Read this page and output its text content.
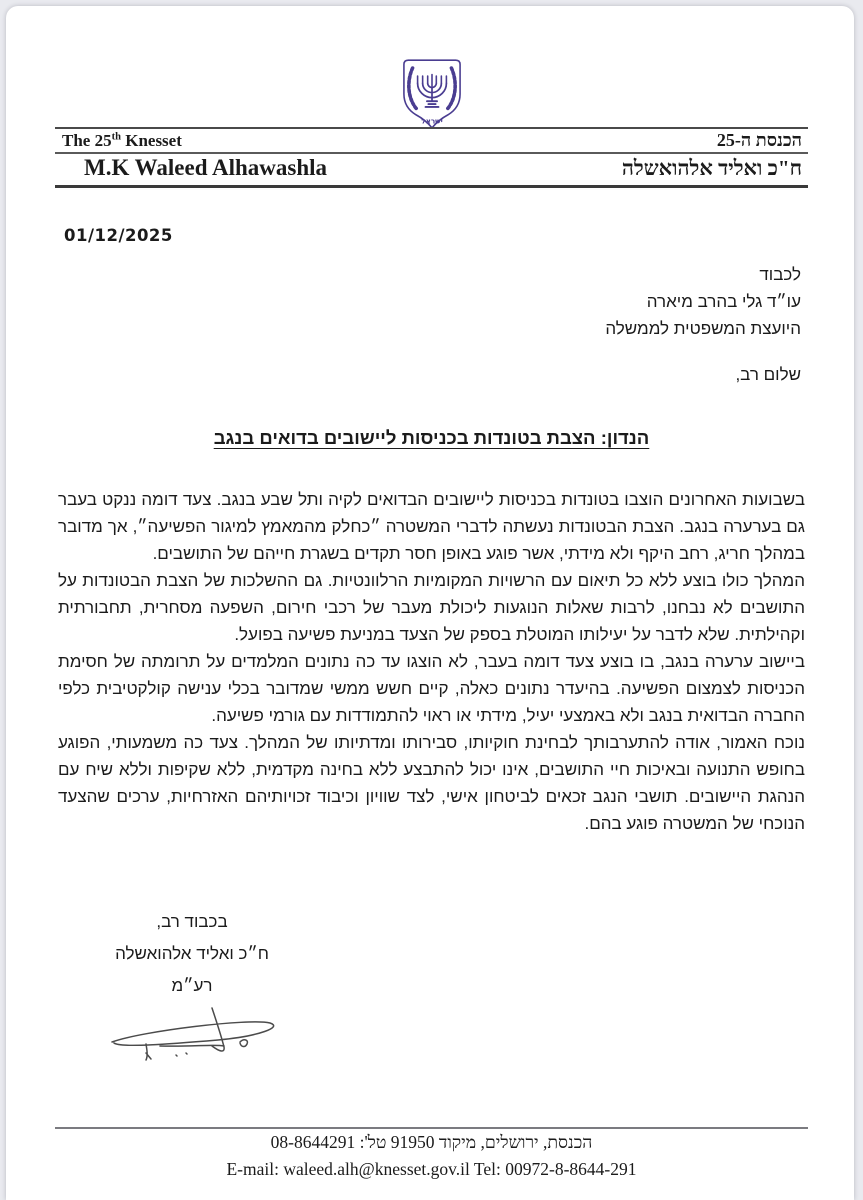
ישראל
The 25th Knesset	הכנסת ה-25
M.K Waleed Alhawashla	ח"כ ואליד אלהואשלה
01/12/2025
לכבוד
עו״ד גלי בהרב מיארה
היועצת המשפטית לממשלה
שלום רב,
הנדון: הצבת בטונדות בכניסות ליישובים בדואים בנגב

בשבועות האחרונים הוצבו בטונדות בכניסות ליישובים הבדואים לקיה ותל שבע בנגב. צעד דומה ננקט בעבר גם בערערה בנגב. הצבת הבטונדות נעשתה לדברי המשטרה ״כחלק מהמאמץ למיגור הפשיעה״, אך מדובר במהלך חריג, רחב היקף ולא מידתי, אשר פוגע באופן חסר תקדים בשגרת חייהם של התושבים.

המהלך כולו בוצע ללא כל תיאום עם הרשויות המקומיות הרלוונטיות. גם ההשלכות של הצבת הבטונדות על התושבים לא נבחנו, לרבות שאלות הנוגעות ליכולת מעבר של רכבי חירום, השפעה מסחרית, תחבורתית וקהילתית. שלא לדבר על יעילותו המוטלת בספק של הצעד במניעת פשיעה בפועל.

ביישוב ערערה בנגב, בו בוצע צעד דומה בעבר, לא הוצגו עד כה נתונים המלמדים על תרומתה של חסימת הכניסות לצמצום הפשיעה. בהיעדר נתונים כאלה, קיים חשש ממשי שמדובר בכלי ענישה קולקטיבית כלפי החברה הבדואית בנגב ולא באמצעי יעיל, מידתי או ראוי להתמודדות עם גורמי פשיעה.

נוכח האמור, אודה להתערבותך לבחינת חוקיותו, סבירותו ומדתיותו של המהלך. צעד כה משמעותי, הפוגע בחופש התנועה ובאיכות חיי התושבים, אינו יכול להתבצע ללא בחינה מקדמית, ללא שקיפות וללא שיח עם הנהגת היישובים. תושבי הנגב זכאים לביטחון אישי, לצד שוויון וכיבוד זכויותיהם האזרחיות, ערכים שהצעד הנוכחי של המשטרה פוגע בהם.

בכבוד רב,
ח״כ ואליד אלהואשלה
רע״מ
הכנסת, ירושלים, מיקוד 91950 טל': 08-8644291
E-mail: waleed.alh@knesset.gov.il Tel: 00972-8-8644-291
